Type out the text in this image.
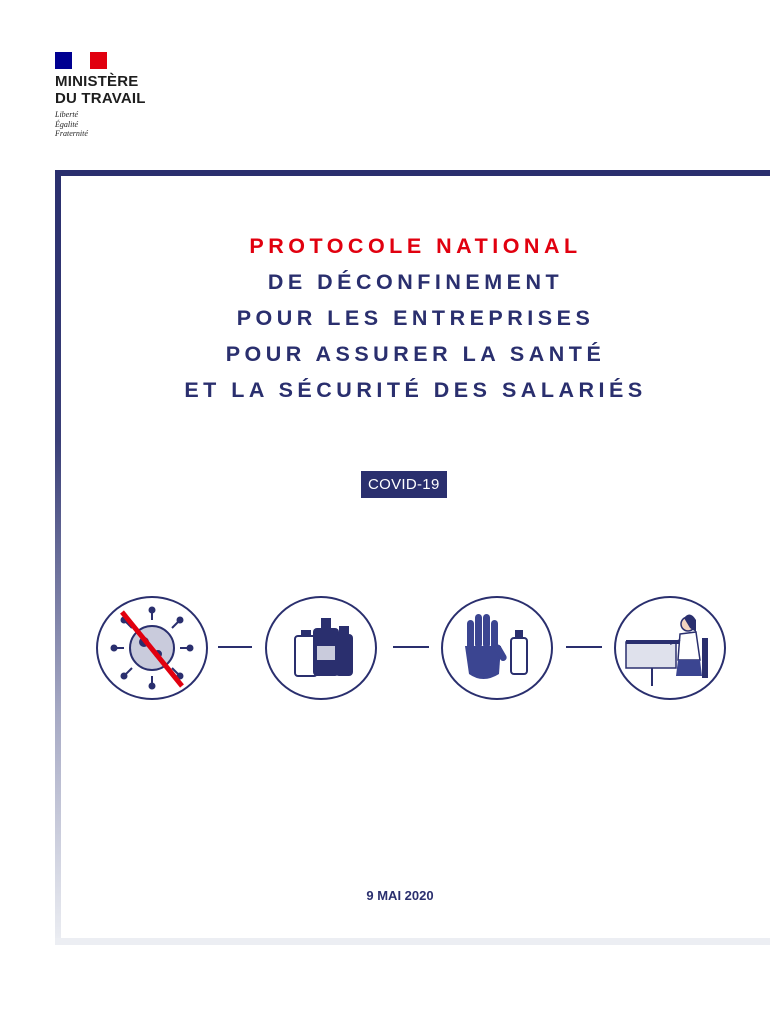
MINISTÈRE
DU TRAVAIL
Liberté
Égalité
Fraternité
PROTOCOLE NATIONAL
DE DÉCONFINEMENT
POUR LES ENTREPRISES
POUR ASSURER LA SANTÉ
ET LA SÉCURITÉ DES SALARIÉS
COVID-19
9 MAI 2020
